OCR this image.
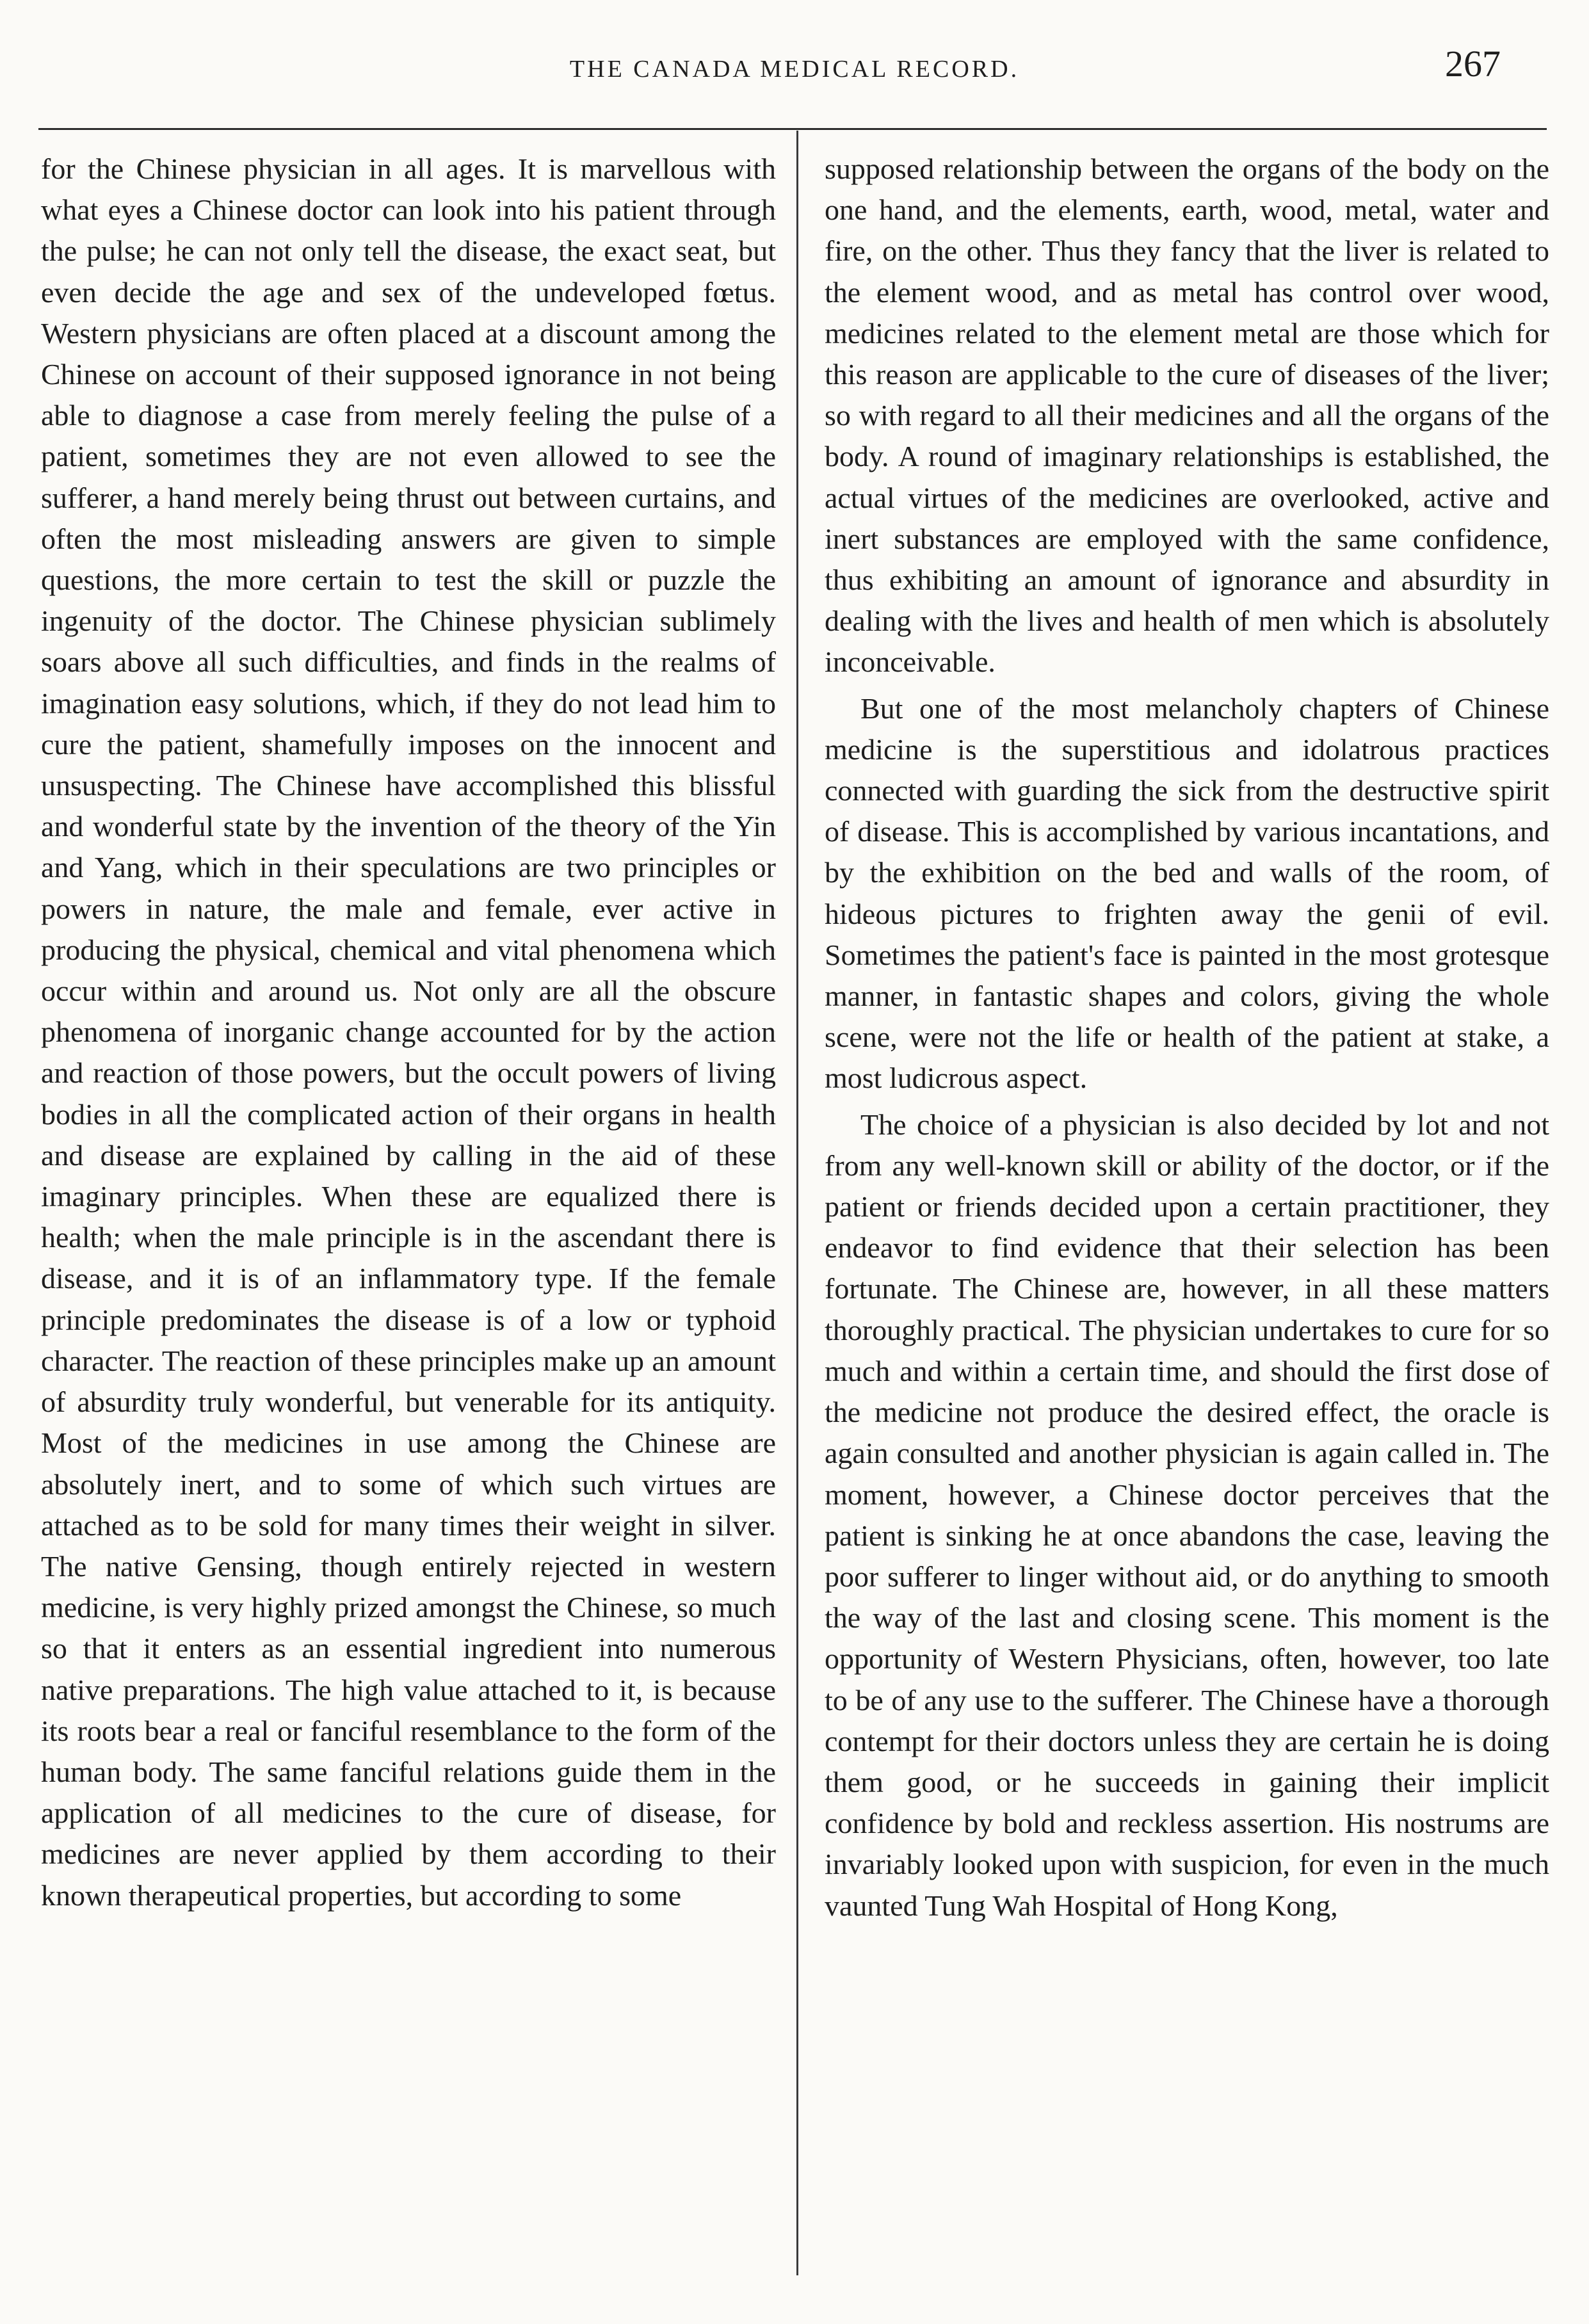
THE CANADA MEDICAL RECORD.	267

for the Chinese physician in all ages. It is marvellous with what eyes a Chinese doctor can look into his patient through the pulse; he can not only tell the disease, the exact seat, but even decide the age and sex of the undeveloped fœtus. Western physicians are often placed at a discount among the Chinese on account of their supposed ignorance in not being able to diagnose a case from merely feeling the pulse of a patient, sometimes they are not even allowed to see the sufferer, a hand merely being thrust out between curtains, and often the most misleading answers are given to simple questions, the more certain to test the skill or puzzle the ingenuity of the doctor. The Chinese physician sublimely soars above all such difficulties, and finds in the realms of imagination easy solutions, which, if they do not lead him to cure the patient, shamefully imposes on the innocent and unsuspecting. The Chinese have accomplished this blissful and wonderful state by the invention of the theory of the Yin and Yang, which in their speculations are two principles or powers in nature, the male and female, ever active in producing the physical, chemical and vital phenomena which occur within and around us. Not only are all the obscure phenomena of inorganic change accounted for by the action and reaction of those powers, but the occult powers of living bodies in all the complicated action of their organs in health and disease are explained by calling in the aid of these imaginary principles. When these are equalized there is health; when the male principle is in the ascendant there is disease, and it is of an inflammatory type. If the female principle predominates the disease is of a low or typhoid character. The reaction of these principles make up an amount of absurdity truly wonderful, but venerable for its antiquity. Most of the medicines in use among the Chinese are absolutely inert, and to some of which such virtues are attached as to be sold for many times their weight in silver. The native Gensing, though entirely rejected in western medicine, is very highly prized amongst the Chinese, so much so that it enters as an essential ingredient into numerous native preparations. The high value attached to it, is because its roots bear a real or fanciful resemblance to the form of the human body. The same fanciful relations guide them in the application of all medicines to the cure of disease, for medicines are never applied by them according to their known therapeutical properties, but according to some

supposed relationship between the organs of the body on the one hand, and the elements, earth, wood, metal, water and fire, on the other. Thus they fancy that the liver is related to the element wood, and as metal has control over wood, medicines related to the element metal are those which for this reason are applicable to the cure of diseases of the liver; so with regard to all their medicines and all the organs of the body. A round of imaginary relationships is established, the actual virtues of the medicines are overlooked, active and inert substances are employed with the same confidence, thus exhibiting an amount of ignorance and absurdity in dealing with the lives and health of men which is absolutely inconceivable.

But one of the most melancholy chapters of Chinese medicine is the superstitious and idolatrous practices connected with guarding the sick from the destructive spirit of disease. This is accomplished by various incantations, and by the exhibition on the bed and walls of the room, of hideous pictures to frighten away the genii of evil. Sometimes the patient's face is painted in the most grotesque manner, in fantastic shapes and colors, giving the whole scene, were not the life or health of the patient at stake, a most ludicrous aspect.

The choice of a physician is also decided by lot and not from any well-known skill or ability of the doctor, or if the patient or friends decided upon a certain practitioner, they endeavor to find evidence that their selection has been fortunate. The Chinese are, however, in all these matters thoroughly practical. The physician undertakes to cure for so much and within a certain time, and should the first dose of the medicine not produce the desired effect, the oracle is again consulted and another physician is again called in. The moment, however, a Chinese doctor perceives that the patient is sinking he at once abandons the case, leaving the poor sufferer to linger without aid, or do anything to smooth the way of the last and closing scene. This moment is the opportunity of Western Physicians, often, however, too late to be of any use to the sufferer. The Chinese have a thorough contempt for their doctors unless they are certain he is doing them good, or he succeeds in gaining their implicit confidence by bold and reckless assertion. His nostrums are invariably looked upon with suspicion, for even in the much vaunted Tung Wah Hospital of Hong Kong,
